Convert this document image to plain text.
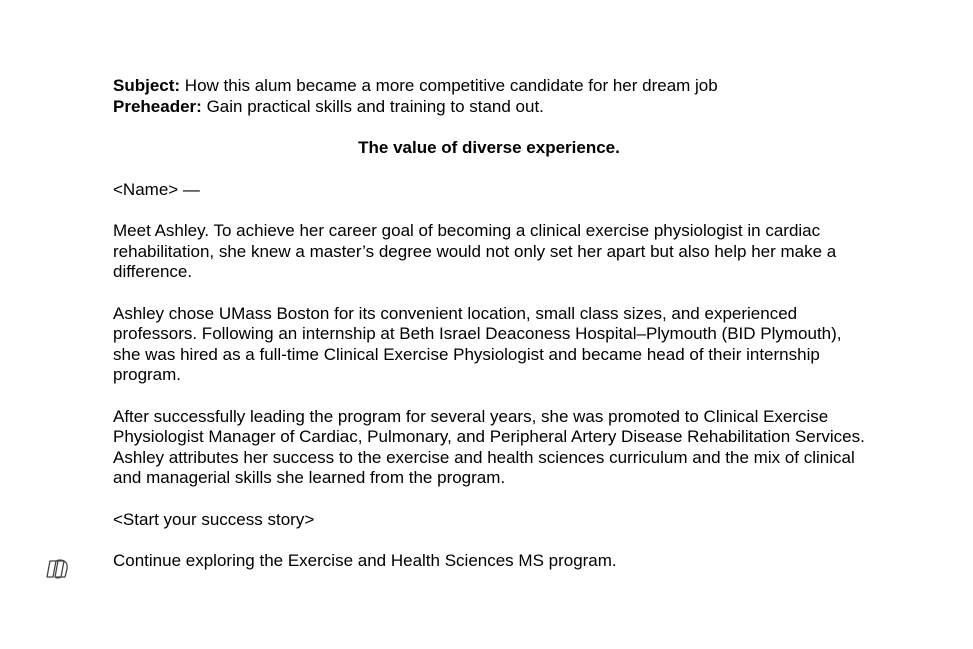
Subject: How this alum became a more competitive candidate for her dream job

Preheader: Gain practical skills and training to stand out.

The value of diverse experience.

<Name> —

Meet Ashley. To achieve her career goal of becoming a clinical exercise physiologist in cardiac rehabilitation, she knew a master’s degree would not only set her apart but also help her make a difference.

Ashley chose UMass Boston for its convenient location, small class sizes, and experienced professors. Following an internship at Beth Israel Deaconess Hospital–Plymouth (BID Plymouth), she was hired as a full-time Clinical Exercise Physiologist and became head of their internship program.

After successfully leading the program for several years, she was promoted to Clinical Exercise Physiologist Manager of Cardiac, Pulmonary, and Peripheral Artery Disease Rehabilitation Services. Ashley attributes her success to the exercise and health sciences curriculum and the mix of clinical and managerial skills she learned from the program.

<Start your success story>

Continue exploring the Exercise and Health Sciences MS program.
